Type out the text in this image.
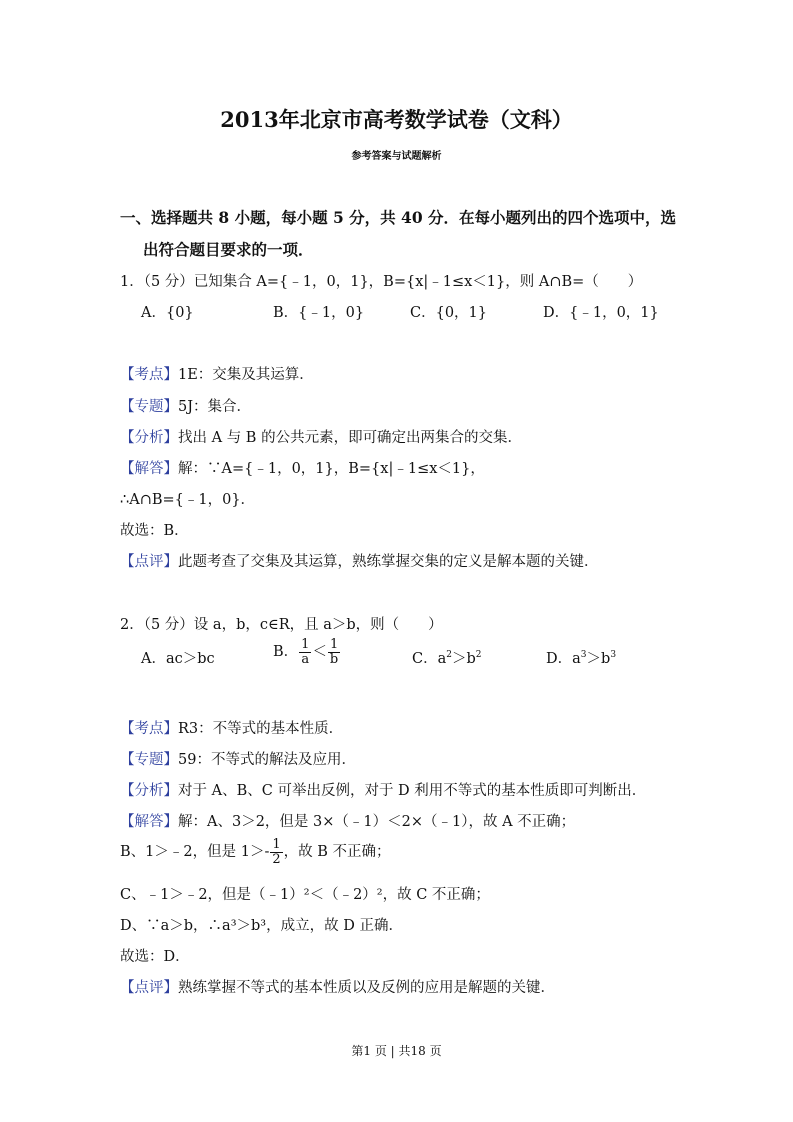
2013年北京市高考数学试卷（文科）
参考答案与试题解析
一、选择题共 8 小题，每小题 5 分，共 40 分．在每小题列出的四个选项中，选
出符合题目要求的一项．
1．（5 分）已知集合 A={﹣1，0，1}，B={x|﹣1≤x＜1}，则 A∩B=（　　）
A．{0}	B．{﹣1，0}	C．{0，1}	D．{﹣1，0，1}
【考点】1E：交集及其运算．
【专题】5J：集合．
【分析】找出 A 与 B 的公共元素，即可确定出两集合的交集．
【解答】解：∵A={﹣1，0，1}，B={x|﹣1≤x＜1}，
∴A∩B={﹣1，0}．
故选：B．
【点评】此题考查了交集及其运算，熟练掌握交集的定义是解本题的关键．
2．（5 分）设 a，b，c∈R，且 a＞b，则（　　）
A．ac＞bc	B． $\frac{1}{a} < \frac{1}{b}$	C．$a^2>b^2$	D．$a^3>b^3$
【考点】R3：不等式的基本性质．
【专题】59：不等式的解法及应用．
【分析】对于 A、B、C 可举出反例，对于 D 利用不等式的基本性质即可判断出．
【解答】解：A、3＞2，但是 3×（﹣1）＜2×（﹣1），故 A 不正确；
B、1＞﹣2，但是 $1>- \frac{1}{2}$ ，故 B 不正确；
C、﹣1＞﹣2，但是（﹣1）²＜（﹣2）²，故 C 不正确；
D、∵a＞b，∴a³＞b³，成立，故 D 正确．
故选：D．
【点评】熟练掌握不等式的基本性质以及反例的应用是解题的关键．
第1 页 | 共18 页
